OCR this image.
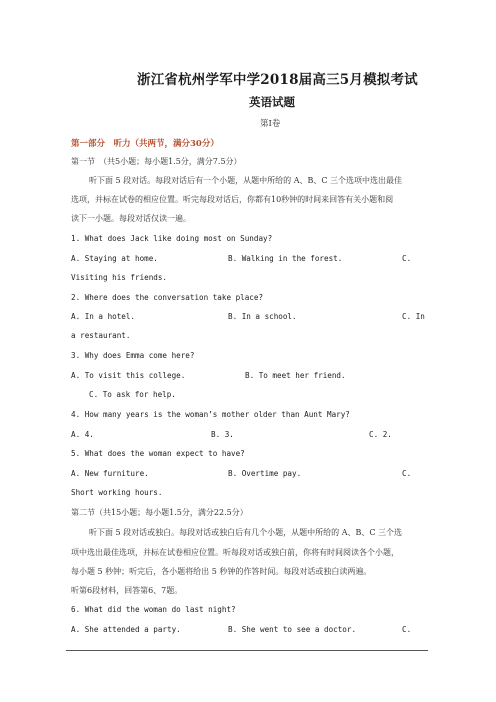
浙江省杭州学军中学2018届高三5月模拟考试
英语试题
第I卷
第一部分　听力（共两节，满分30分）
第一节　（共5小题；每小题1.5分，满分7.5分）
听下面 5 段对话。每段对话后有一个小题，从题中所给的 A、B、C 三个选项中选出最佳
选项，并标在试卷的相应位置。听完每段对话后，你都有10秒钟的时间来回答有关小题和阅
读下一小题。每段对话仅读一遍。
1. What does Jack like doing most on Sunday?
A. Staying at home.	B. Walking in the forest.	C.
Visiting his friends.
2. Where does the conversation take place?
A. In a hotel.	B. In a school.	C. In
a restaurant.
3. Why does Emma come here?
A. To visit this college.	B. To meet her friend.
C. To ask for help.
4. How many years is the woman’s mother older than Aunt Mary?
A. 4.	B. 3.	C. 2.
5. What does the woman expect to have?
A. New furniture.	B. Overtime pay.	C.
Short working hours.
第二节（共15小题；每小题1.5分，满分22.5分）
听下面 5 段对话或独白。每段对话或独白后有几个小题，从题中所给的 A、B、C 三个选
项中选出最佳选项，并标在试卷相应位置。听每段对话或独白前，你将有时间阅读各个小题，
每小题 5 秒钟；听完后，各小题将给出 5 秒钟的作答时间。每段对话或独白读两遍。
听第6段材料，回答第6、7题。
6. What did the woman do last night?
A. She attended a party.	B. She went to see a doctor.	C.
